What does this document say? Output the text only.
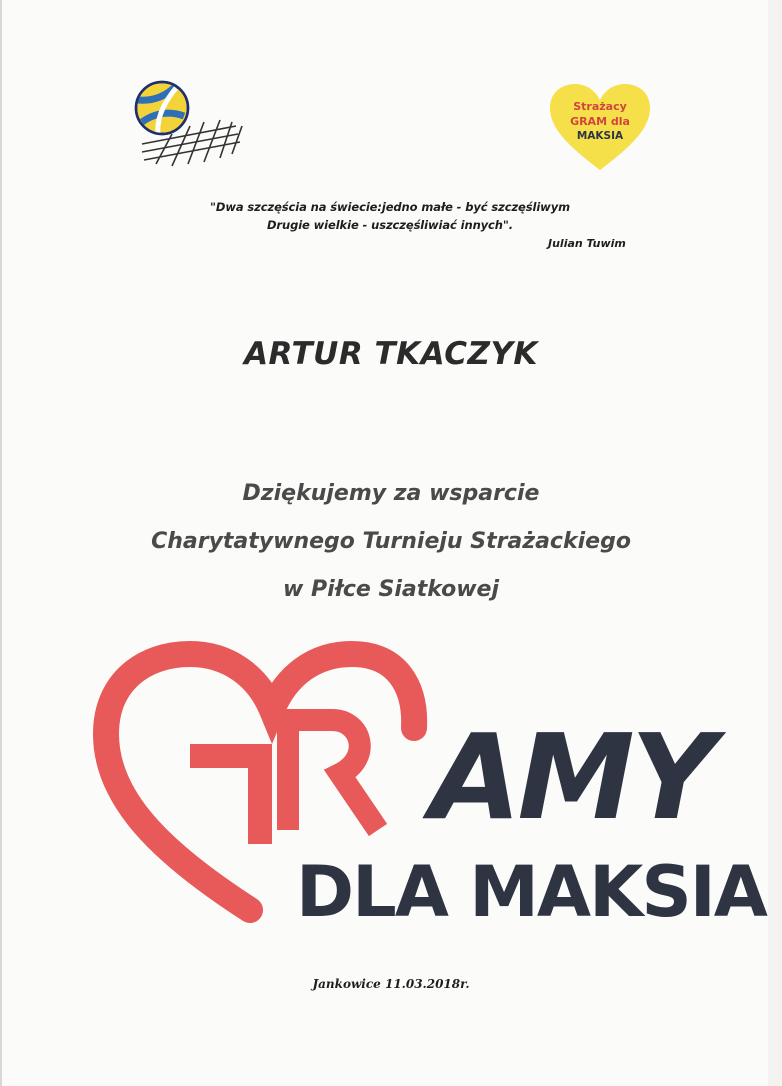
Strażacy
GRAM dla
MAKSIA
"Dwa szczęścia na świecie:jedno małe - być szczęśliwym
Drugie wielkie - uszczęśliwiać innych".
Julian Tuwim
ARTUR TKACZYK
Dziękujemy za wsparcie
Charytatywnego Turnieju Strażackiego
w Piłce Siatkowej
AMY
DLA MAKSIA
Jankowice 11.03.2018r.
